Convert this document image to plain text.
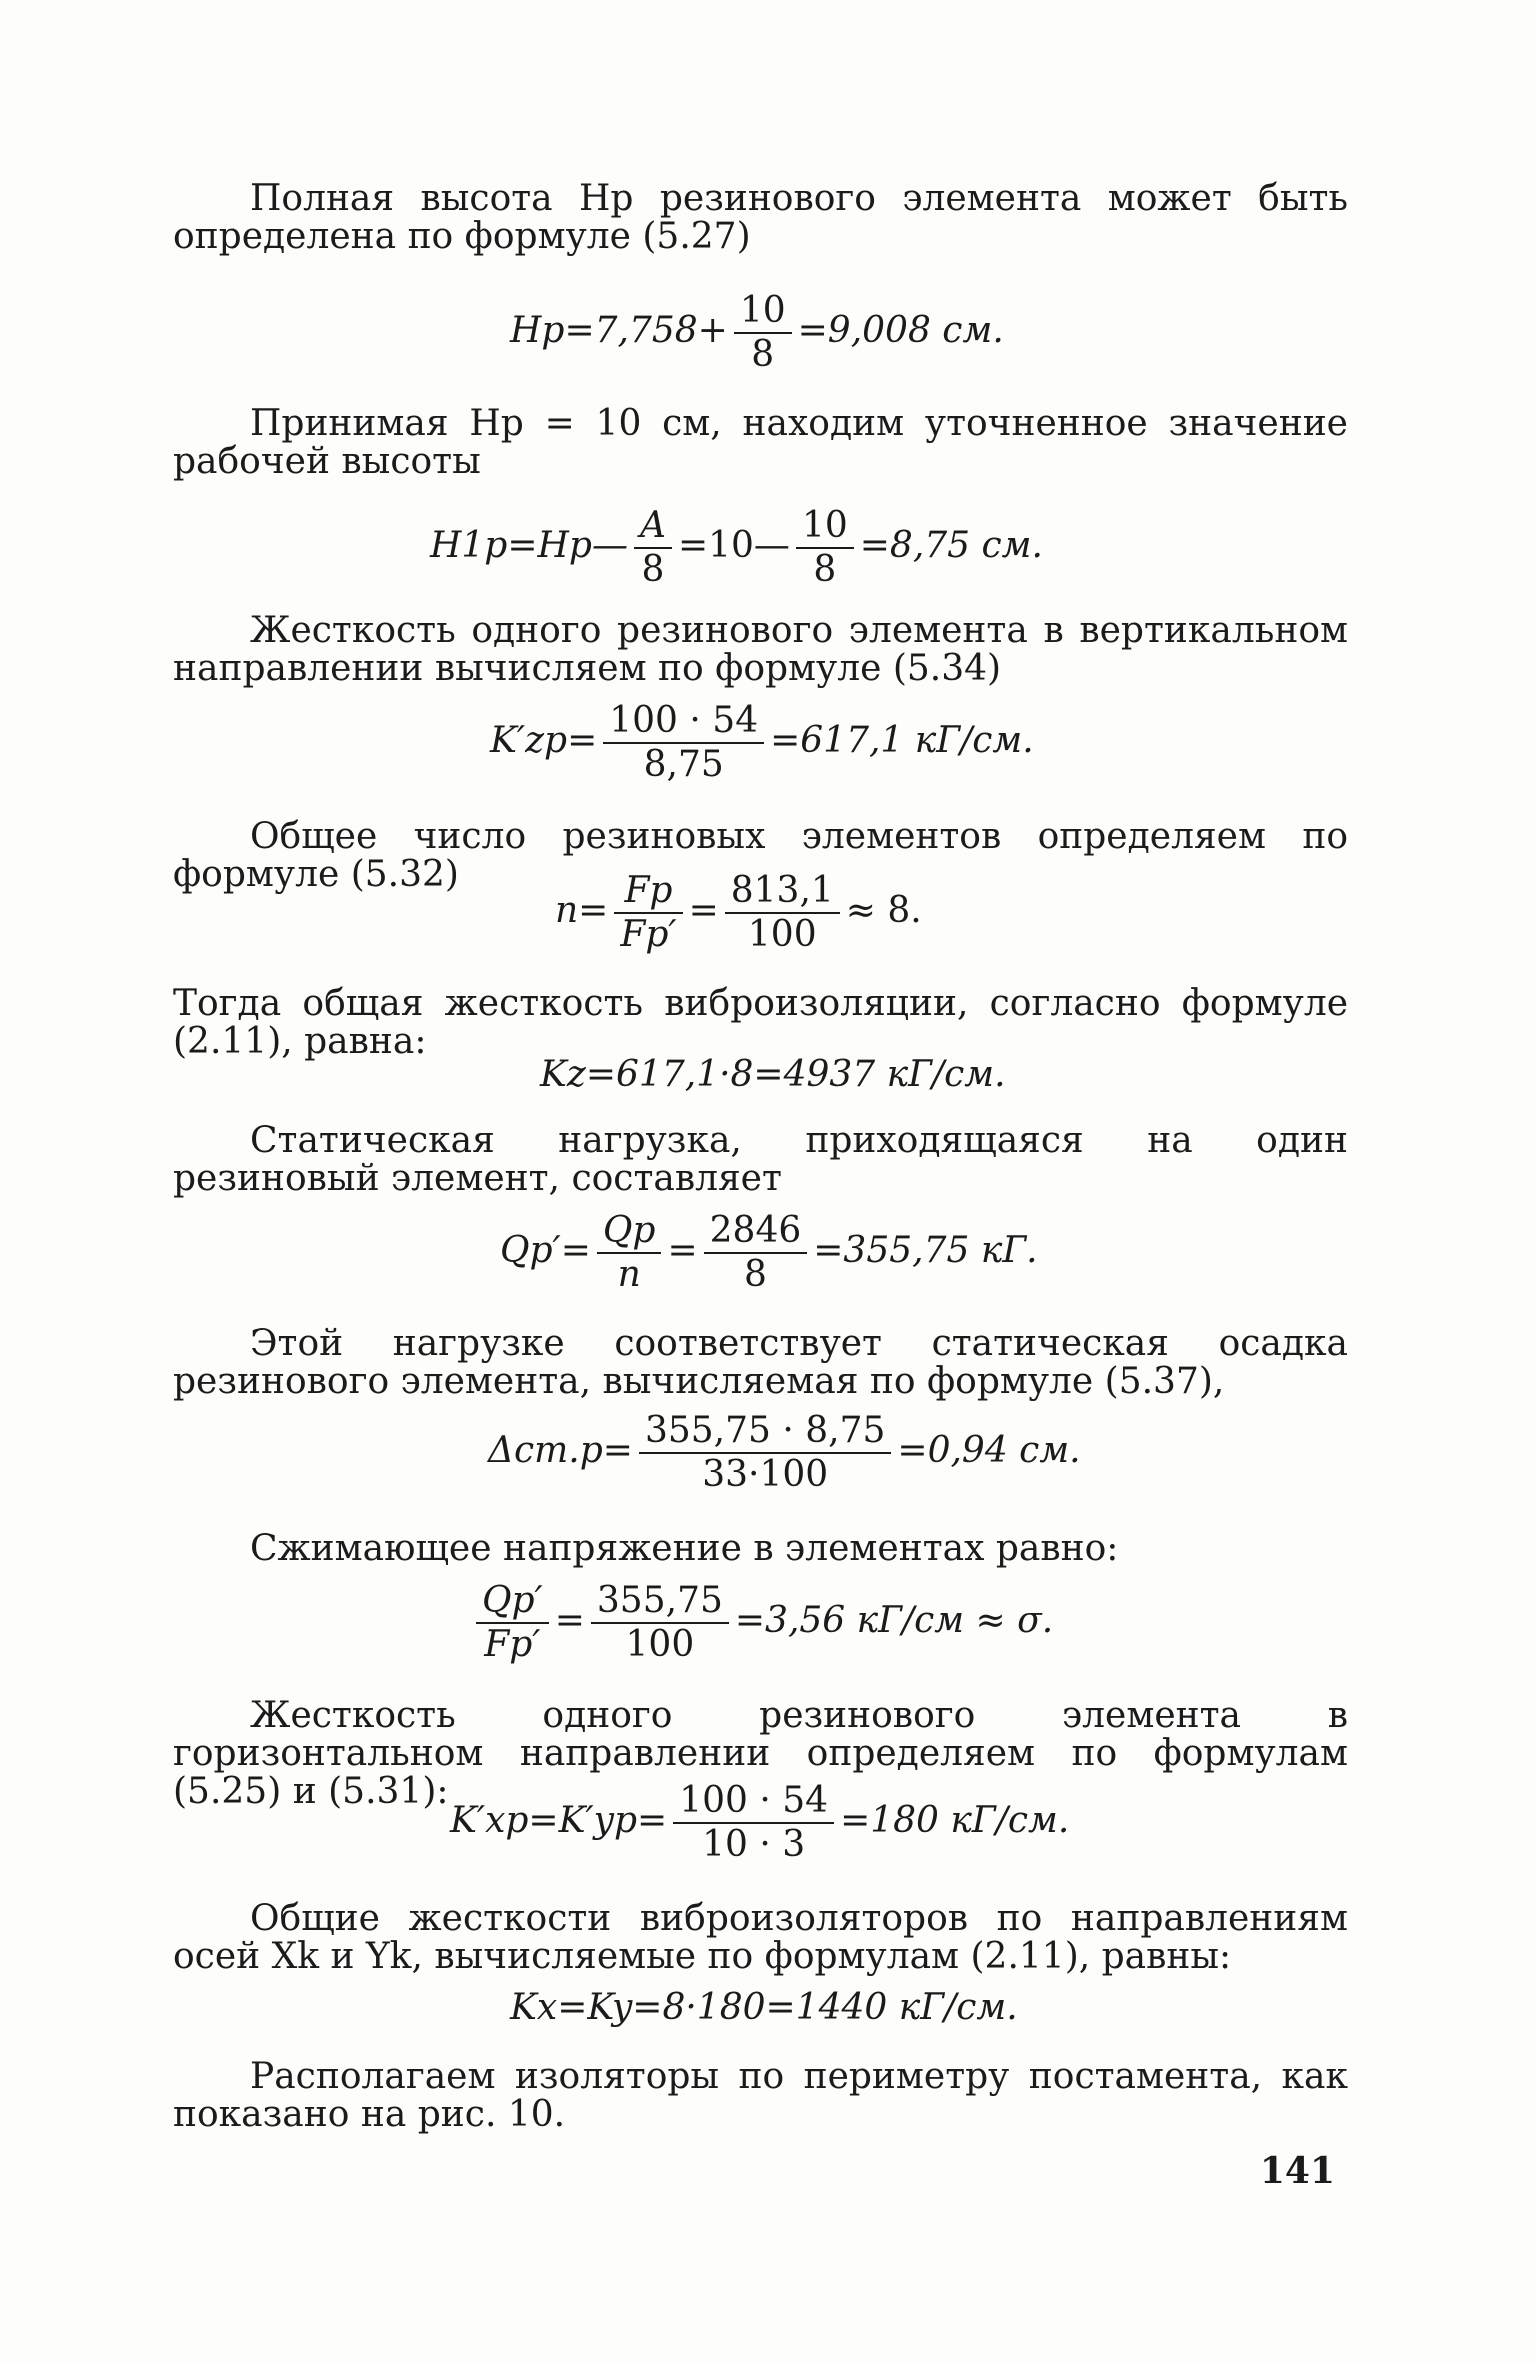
Полная высота Hр резинового элемента может быть определена по формуле (5.27)
$Hр=7,758+ \frac{10}{8} =9,008$ см.
Принимая Hр = 10 см, находим уточненное значение рабочей высоты
H1р=Hр— $\frac{A}{8}$ =10— $\frac{10}{8} =8,75$ см.
Жесткость одного резинового элемента в вертикальном направлении вычисляем по формуле (5.34)
$K'zр= \frac{100 \cdot 54}{8,75} =617,1$ кГ/см.
Общее число резиновых элементов определяем по формуле (5.32)
$n= \frac{Fр}{Fр'} = \frac{813,1}{100} \approx 8$.
Тогда общая жесткость виброизоляции, согласно формуле (2.11), равна:
Kz=617,1·8=4937 кГ/см.
Статическая нагрузка, приходящаяся на один резиновый элемент, составляет
$Qр'= \frac{Qр}{n} = \frac{2846}{8} =355,75$ кГ.
Этой нагрузке соответствует статическая осадка резинового элемента, вычисляемая по формуле (5.37),
$\Delta ст.р= \frac{355,75 \cdot 8,75}{33\cdot 100} =0,94$ см.
Сжимающее напряжение в элементах равно:
$\frac{Qр'}{Fр'} = \frac{355,75}{100} =3,56$ кГ/см ≈ σ.
Жесткость одного резинового элемента в горизонтальном направлении определяем по формулам (5.25) и (5.31):
$K'xр=K'yр= \frac{100 \cdot 54}{10 \cdot 3} =180$ кГ/см.
Общие жесткости виброизоляторов по направлениям осей Xk и Yk, вычисляемые по формулам (2.11), равны:
Kx=Ky=8·180=1440 кГ/см.
Располагаем изоляторы по периметру постамента, как показано на рис. 10.
141
